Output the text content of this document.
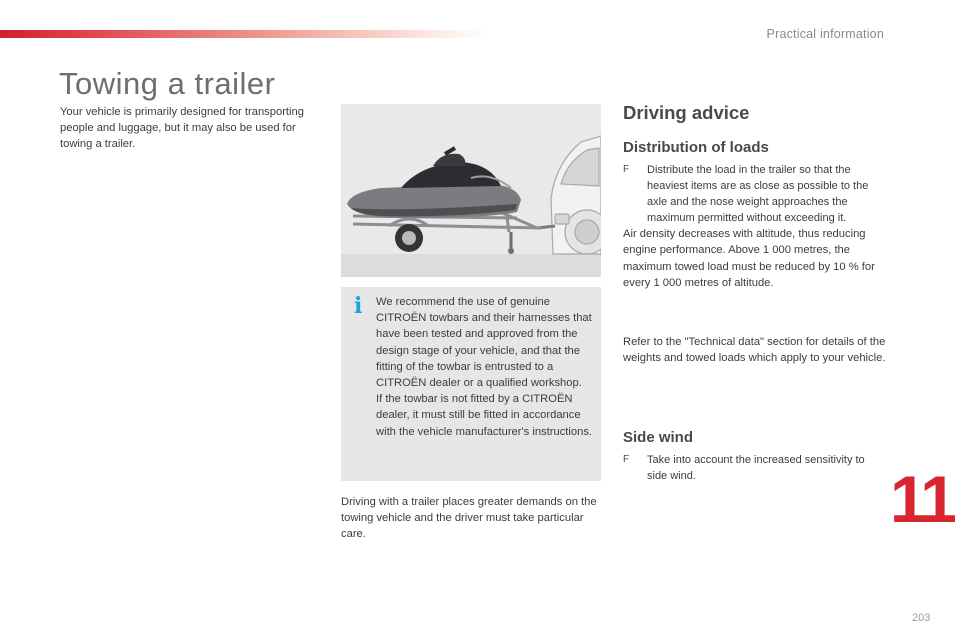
Practical information
Towing a trailer

Your vehicle is primarily designed for transporting people and luggage, but it may also be used for towing a trailer.

i We recommend the use of genuine CITROËN towbars and their harnesses that have been tested and approved from the design stage of your vehicle, and that the fitting of the towbar is entrusted to a CITROËN dealer or a qualified workshop.
If the towbar is not fitted by a CITROËN dealer, it must still be fitted in accordance with the vehicle manufacturer's instructions.

Driving with a trailer places greater demands on the towing vehicle and the driver must take particular care.

Driving advice
Distribution of loads
F	Distribute the load in the trailer so that the heaviest items are as close as possible to the axle and the nose weight approaches the maximum permitted without exceeding it.

Air density decreases with altitude, thus reducing engine performance. Above 1 000 metres, the maximum towed load must be reduced by 10 % for every 1 000 metres of altitude.

Refer to the "Technical data" section for details of the weights and towed loads which apply to your vehicle.

Side wind
F	Take into account the increased sensitivity to side wind.	11
203
